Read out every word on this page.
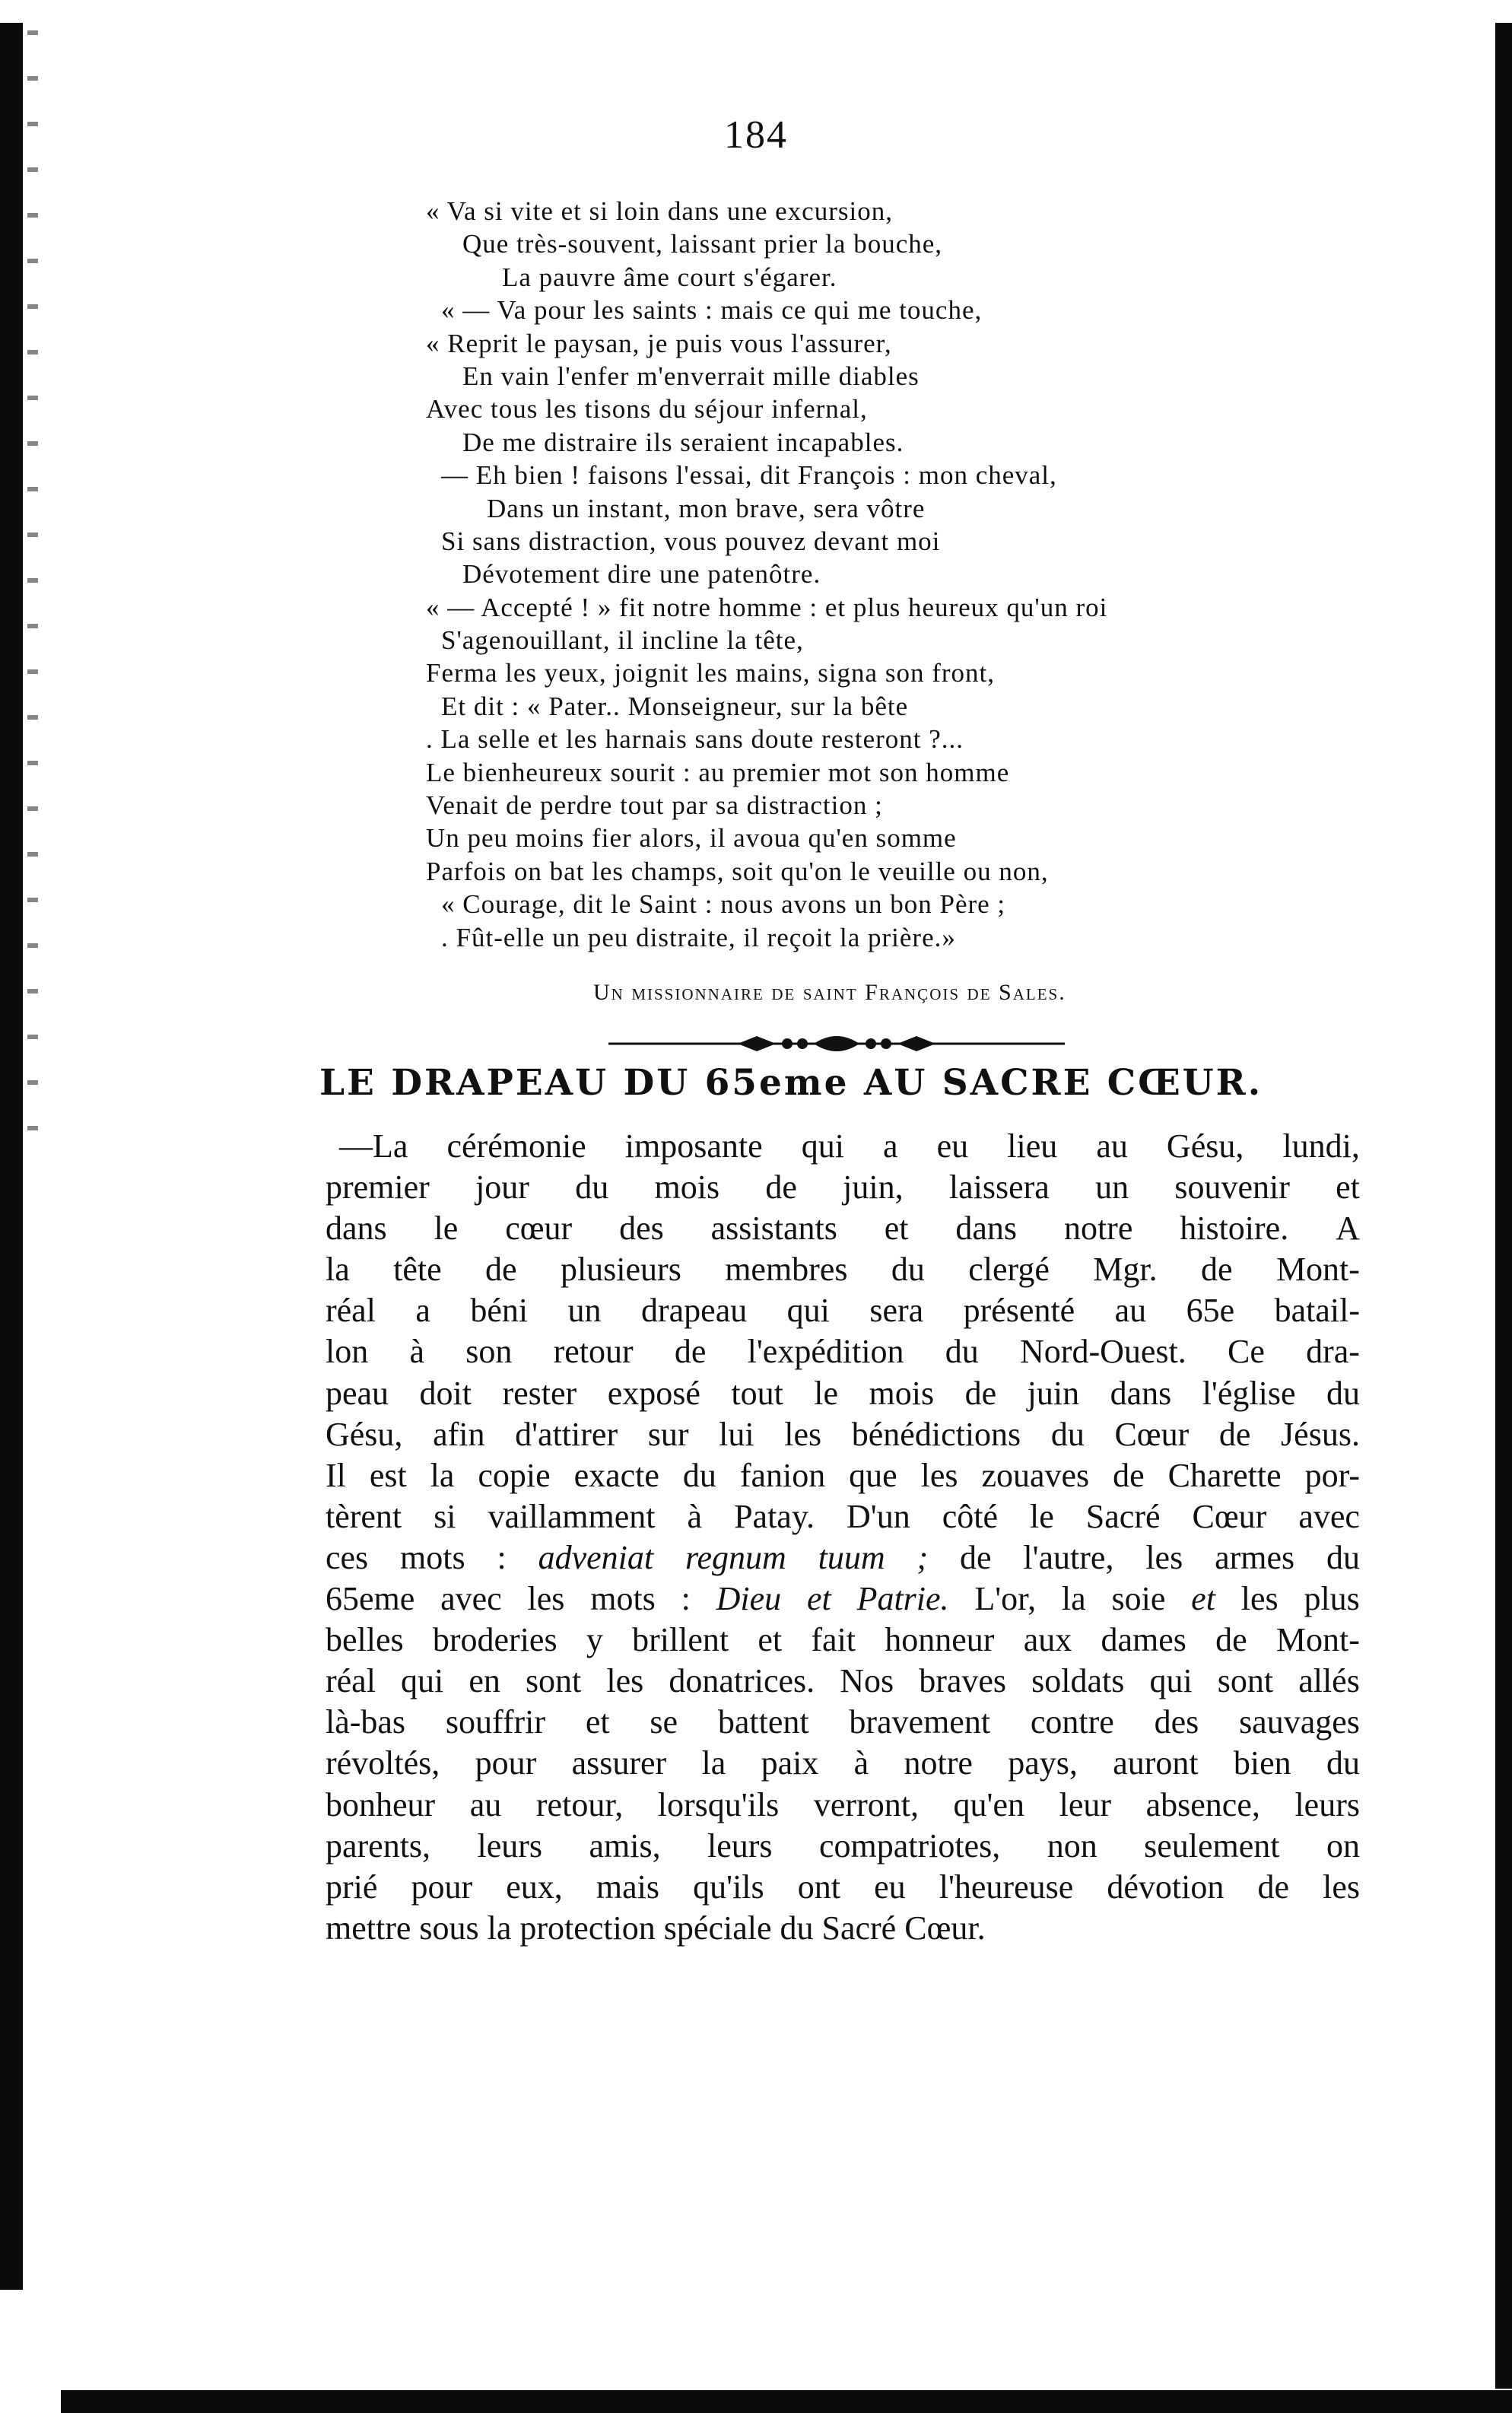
184
« Va si vite et si loin dans une excursion,
Que très-souvent, laissant prier la bouche,
La pauvre âme court s'égarer.
« — Va pour les saints : mais ce qui me touche,
« Reprit le paysan, je puis vous l'assurer,
En vain l'enfer m'enverrait mille diables
Avec tous les tisons du séjour infernal,
De me distraire ils seraient incapables.
— Eh bien ! faisons l'essai, dit François : mon cheval,
Dans un instant, mon brave, sera vôtre
Si sans distraction, vous pouvez devant moi
Dévotement dire une patenôtre.
« — Accepté ! » fit notre homme : et plus heureux qu'un roi
S'agenouillant, il incline la tête,
Ferma les yeux, joignit les mains, signa son front,
Et dit : « Pater.. Monseigneur, sur la bête
. La selle et les harnais sans doute resteront ?...
Le bienheureux sourit : au premier mot son homme
Venait de perdre tout par sa distraction ;
Un peu moins fier alors, il avoua qu'en somme
Parfois on bat les champs, soit qu'on le veuille ou non,
« Courage, dit le Saint : nous avons un bon Père ;
. Fût-elle un peu distraite, il reçoit la prière.»
Un missionnaire de saint François de Sales.
LE DRAPEAU DU 65eme AU SACRE CŒUR.
—La cérémonie imposante qui a eu lieu au Gésu, lundi,
premier jour du mois de juin, laissera un souvenir et
dans le cœur des assistants et dans notre histoire. A
la tête de plusieurs membres du clergé Mgr. de Mont-
réal a béni un drapeau qui sera présenté au 65e batail-
lon à son retour de l'expédition du Nord-Ouest. Ce dra-
peau doit rester exposé tout le mois de juin dans l'église du
Gésu, afin d'attirer sur lui les bénédictions du Cœur de Jésus.
Il est la copie exacte du fanion que les zouaves de Charette por-
tèrent si vaillamment à Patay. D'un côté le Sacré Cœur avec
ces mots : adveniat regnum tuum ; de l'autre, les armes du
65eme avec les mots : Dieu et Patrie. L'or, la soie et les plus
belles broderies y brillent et fait honneur aux dames de Mont-
réal qui en sont les donatrices. Nos braves soldats qui sont allés
là-bas souffrir et se battent bravement contre des sauvages
révoltés, pour assurer la paix à notre pays, auront bien du
bonheur au retour, lorsqu'ils verront, qu'en leur absence, leurs
parents, leurs amis, leurs compatriotes, non seulement on
prié pour eux, mais qu'ils ont eu l'heureuse dévotion de les
mettre
sous
la
protection
spéciale
du
Sacré
Cœur.
